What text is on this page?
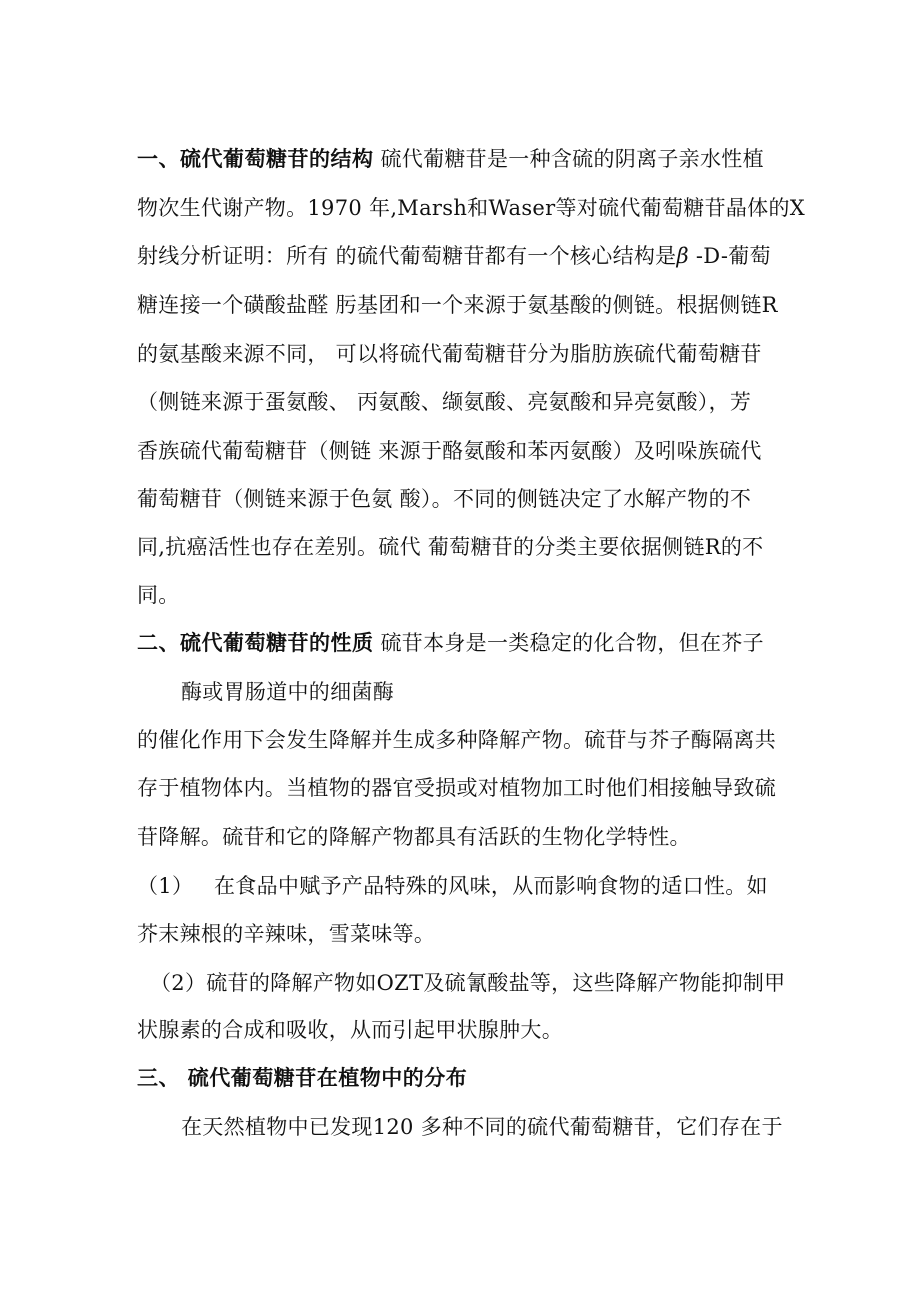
一、硫代葡萄糖苷的结构 硫代葡糖苷是一种含硫的阴离子亲水性植
物次生代谢产物。1970 年,Marsh和Waser等对硫代葡萄糖苷晶体的X
射线分析证明：所有 的硫代葡萄糖苷都有一个核心结构是β -D-葡萄
糖连接一个磺酸盐醛 肟基团和一个来源于氨基酸的侧链。根据侧链R
的氨基酸来源不同， 可以将硫代葡萄糖苷分为脂肪族硫代葡萄糖苷
（侧链来源于蛋氨酸、 丙氨酸、缬氨酸、亮氨酸和异亮氨酸），芳
香族硫代葡萄糖苷（侧链 来源于酪氨酸和苯丙氨酸）及吲哚族硫代
葡萄糖苷（侧链来源于色氨 酸）。不同的侧链决定了水解产物的不
同,抗癌活性也存在差别。硫代 葡萄糖苷的分类主要依据侧链R的不
同。
二、硫代葡萄糖苷的性质 硫苷本身是一类稳定的化合物，但在芥子
酶或胃肠道中的细菌酶
的催化作用下会发生降解并生成多种降解产物。硫苷与芥子酶隔离共
存于植物体内。当植物的器官受损或对植物加工时他们相接触导致硫
苷降解。硫苷和它的降解产物都具有活跃的生物化学特性。
（1） 在食品中赋予产品特殊的风味，从而影响食物的适口性。如
芥末辣根的辛辣味，雪菜味等。
（2）硫苷的降解产物如OZT及硫氰酸盐等，这些降解产物能抑制甲
状腺素的合成和吸收，从而引起甲状腺肿大。
三、 硫代葡萄糖苷在植物中的分布
在天然植物中已发现120 多种不同的硫代葡萄糖苷，它们存在于
